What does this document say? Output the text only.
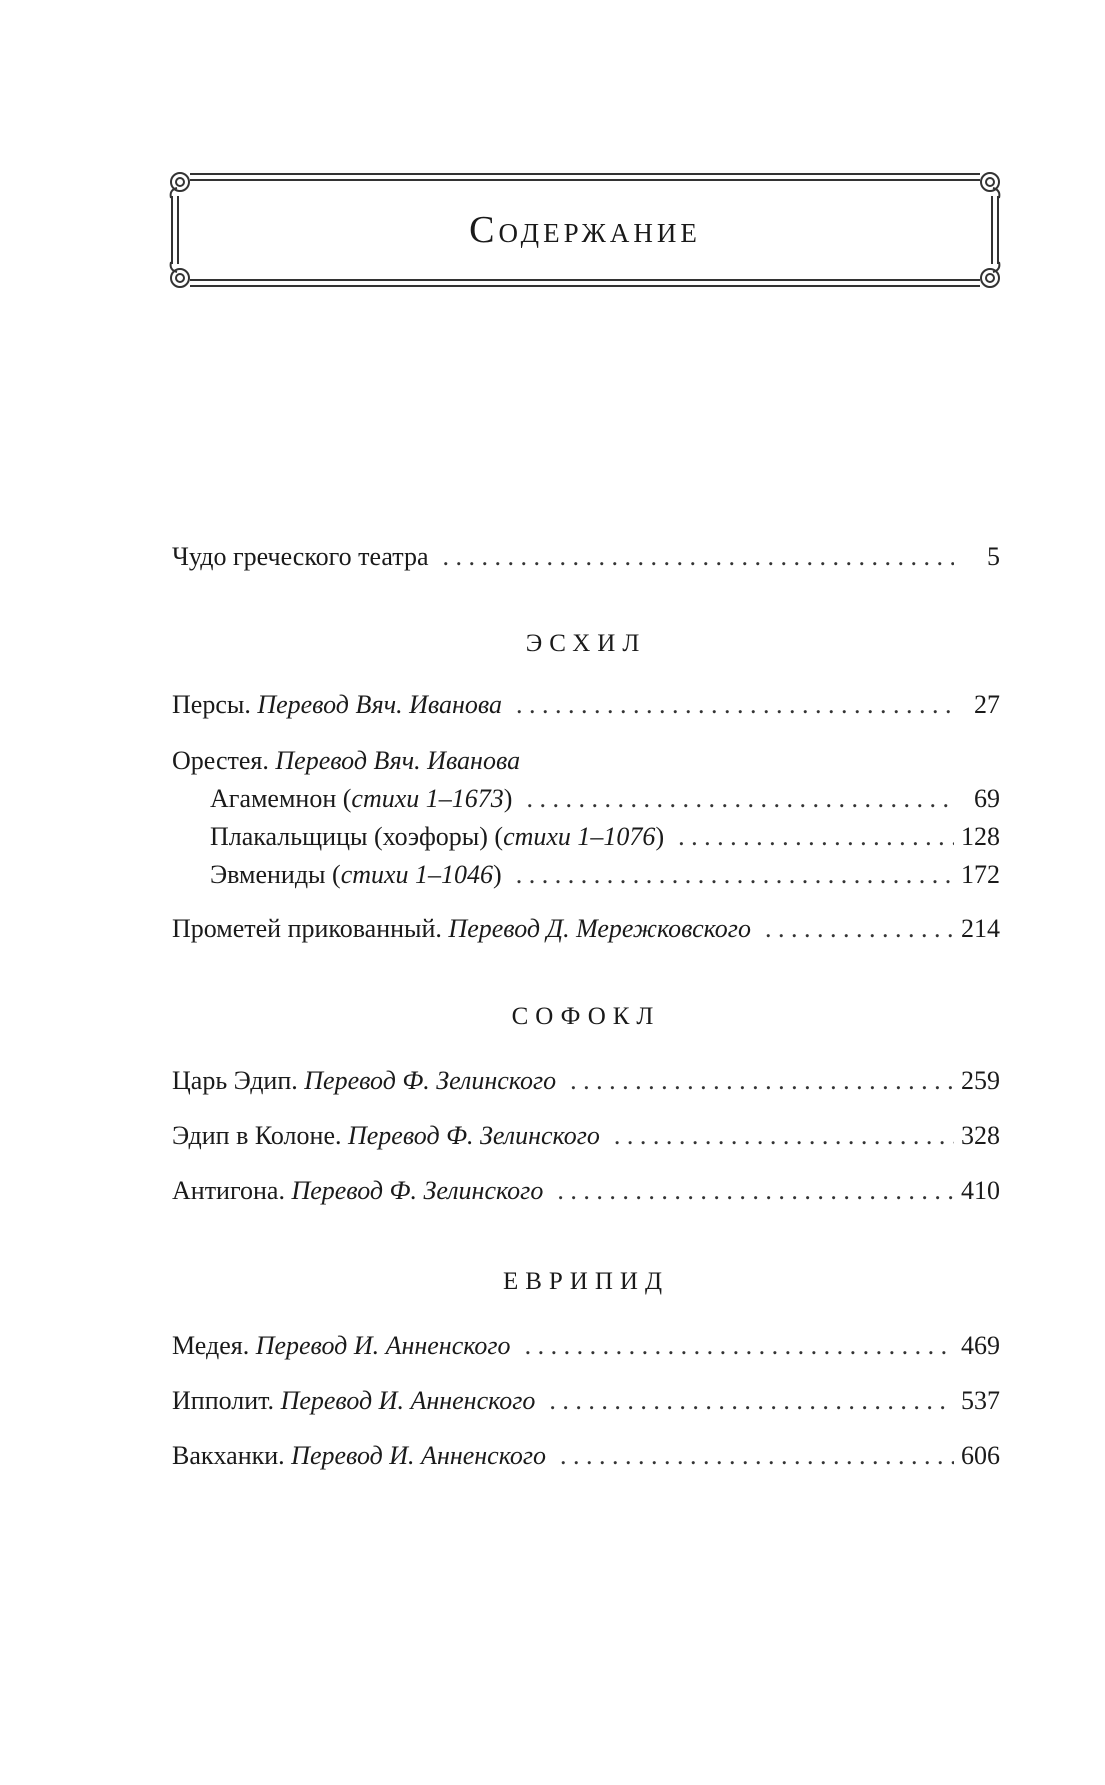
Содержание
Чудо греческого театра . . .	5
ЭСХИЛ
Персы. Перевод Вяч. Иванова . . .	27
Орестея. Перевод Вяч. Иванова
Агамемнон (стихи 1–1673) . . .	69
Плакальщицы (хоэфоры) (стихи 1–1076) . . .	128
Эвмениды (стихи 1–1046) . . .	172
Прометей прикованный. Перевод Д. Мережковского . . .	214
СОФОКЛ
Царь Эдип. Перевод Ф. Зелинского . . .	259
Эдип в Колоне. Перевод Ф. Зелинского . . .	328
Антигона. Перевод Ф. Зелинского . . .	410
ЕВРИПИД
Медея. Перевод И. Анненского . . .	469
Ипполит. Перевод И. Анненского . . .	537
Вакханки. Перевод И. Анненского . . .	606
